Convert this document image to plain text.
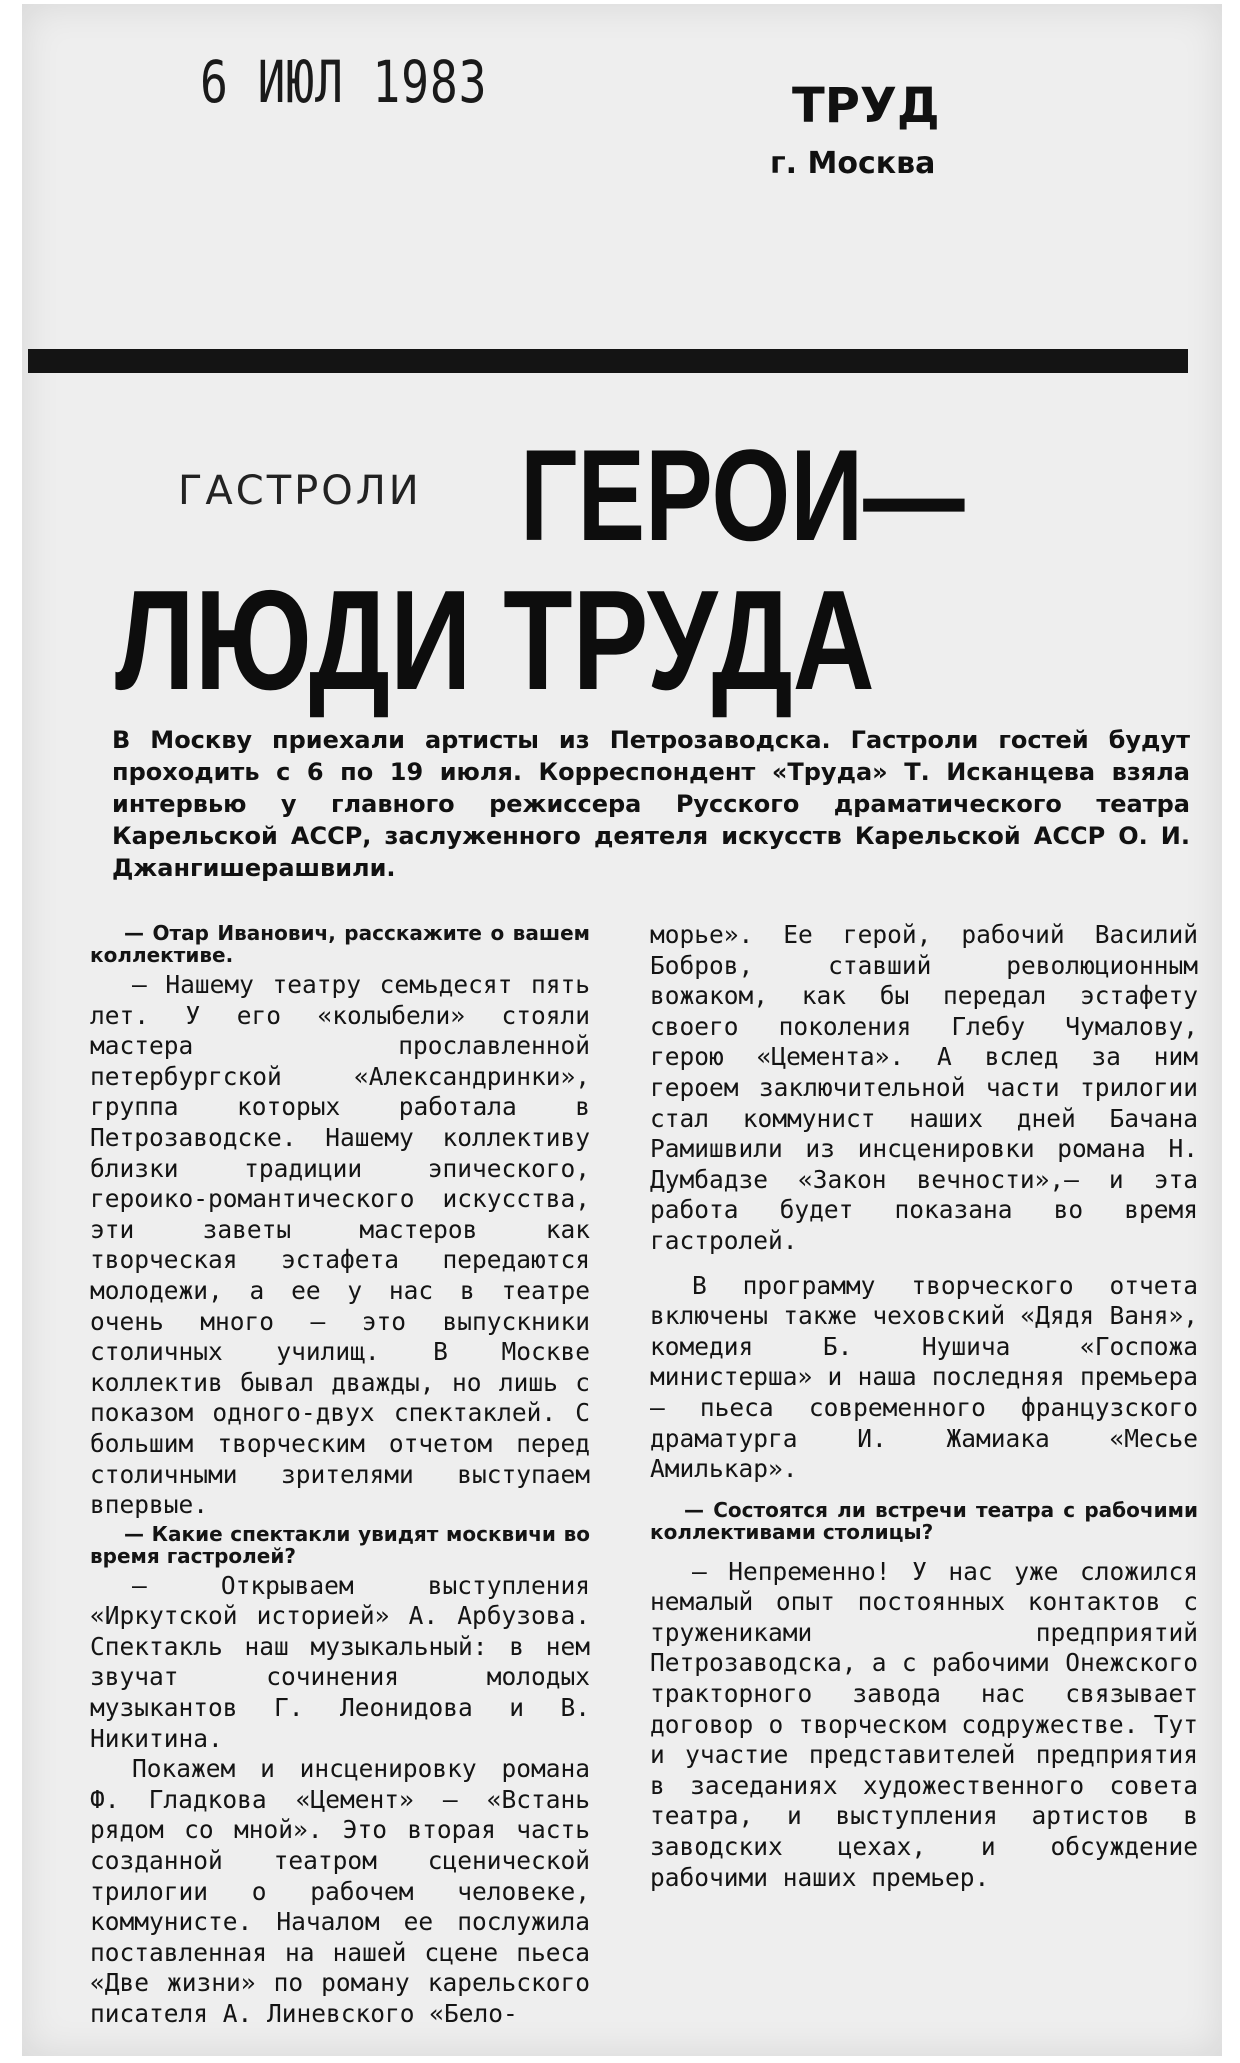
6 ИЮЛ 1983	ТРУД
г. Москва
ГАСТРОЛИ ГЕРОИ—
ЛЮДИ ТРУДА
В Москву приехали артисты из Петрозаводска. Гастроли гостей будут проходить с 6 по 19 июля. Корреспондент «Труда» Т. Исканцева взяла интервью у главного режиссера Русского драматического театра Карельской АССР, заслуженного деятеля искусств Карельской АССР О. И. Джангишерашвили.

— Отар Иванович, расскажите о вашем коллективе.

— Нашему театру семьдесят пять лет. У его «колыбели» стояли мастера прославленной петербургской «Александринки», группа которых работала в Петрозаводске. Нашему коллективу близки традиции эпического, героико-романтического искусства, эти заветы мастеров как творческая эстафета передаются молодежи, а ее у нас в театре очень много — это выпускники столичных училищ. В Москве коллектив бывал дважды, но лишь с показом одного-двух спектаклей. С большим творческим отчетом перед столичными зрителями выступаем впервые.

— Какие спектакли увидят москвичи во время гастролей?

— Открываем выступления «Иркутской историей» А. Арбузова. Спектакль наш музыкальный: в нем звучат сочинения молодых музыкантов Г. Леонидова и В. Никитина.

Покажем и инсценировку романа Ф. Гладкова «Цемент» — «Встань рядом со мной». Это вторая часть созданной театром сценической трилогии о рабочем человеке, коммунисте. Началом ее послужила поставленная на нашей сцене пьеса «Две жизни» по роману карельского писателя А. Линевского «Бело-

морье». Ее герой, рабочий Василий Бобров, ставший революционным вожаком, как бы передал эстафету своего поколения Глебу Чумалову, герою «Цемента». А вслед за ним героем заключительной части трилогии стал коммунист наших дней Бачана Рамишвили из инсценировки романа Н. Думбадзе «Закон вечности»,— и эта работа будет показана во время гастролей.

В программу творческого отчета включены также чеховский «Дядя Ваня», комедия Б. Нушича «Госпожа министерша» и наша последняя премьера — пьеса современного французского драматурга И. Жамиака «Месье Амилькар».

— Состоятся ли встречи театра с рабочими коллективами столицы?

— Непременно! У нас уже сложился немалый опыт постоянных контактов с тружениками предприятий Петрозаводска, а с рабочими Онежского тракторного завода нас связывает договор о творческом содружестве. Тут и участие представителей предприятия в заседаниях художественного совета театра, и выступления артистов в заводских цехах, и обсуждение рабочими наших премьер.
